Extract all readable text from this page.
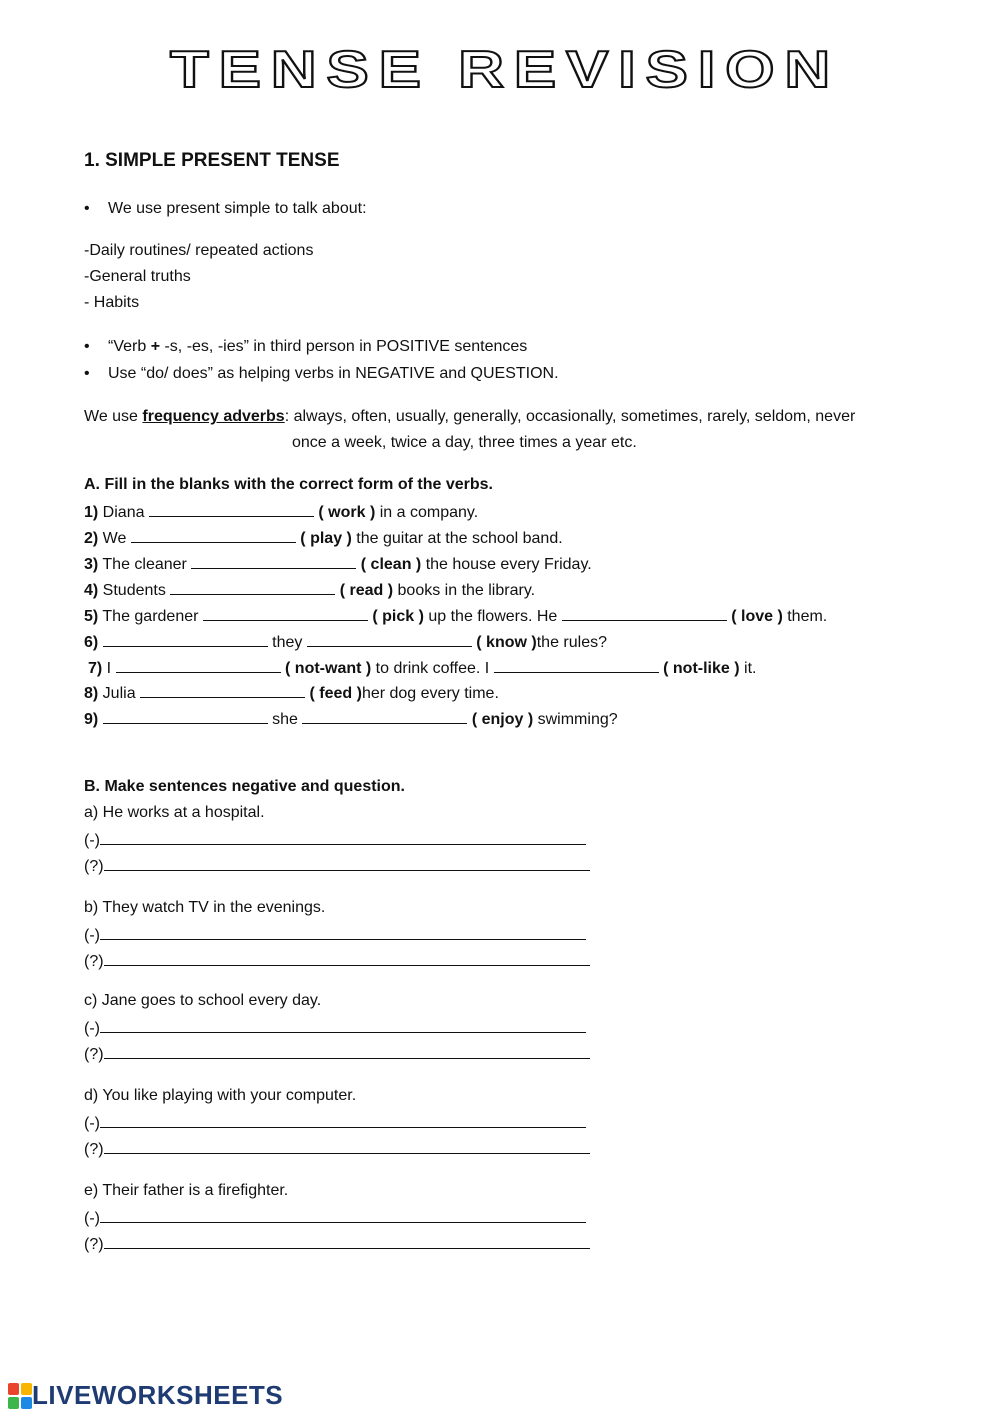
TENSE REVISION
1. SIMPLE PRESENT TENSE
• We use present simple to talk about:
-Daily routines/ repeated actions
-General truths
- Habits
• “Verb + -s, -es, -ies” in third person in POSITIVE sentences
• Use “do/ does” as helping verbs in NEGATIVE and QUESTION.
We use frequency adverbs: always, often, usually, generally, occasionally, sometimes, rarely, seldom, never
once a week, twice a day, three times a year etc.
A. Fill in the blanks with the correct form of the verbs.
1) Diana	( work ) in a company.
2) We	( play ) the guitar at the school band.
3) The cleaner	( clean ) the house every Friday.
4) Students	( read ) books in the library.
5) The gardener	( pick ) up the flowers. He	( love ) them.
6)	they	( know )the rules?
7) I	( not-want ) to drink coffee. I	( not-like ) it.
8) Julia	( feed )her dog every time.
9)	she	( enjoy ) swimming?
B. Make sentences negative and question.
a) He works at a hospital.
(-)
(?)
b) They watch TV in the evenings.
(-)
(?)
c) Jane goes to school every day.
(-)
(?)
d) You like playing with your computer.
(-)
(?)
e) Their father is a firefighter.
(-)
(?)
LIVEWORKSHEETS
